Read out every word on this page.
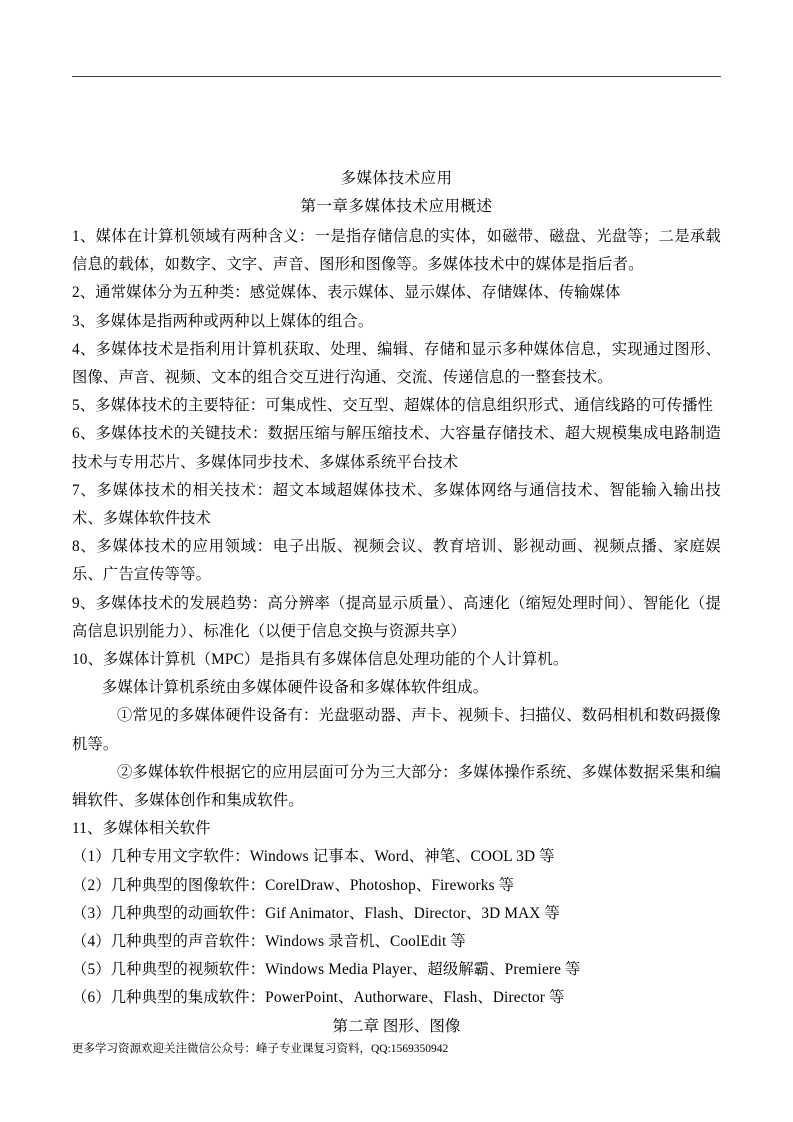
多媒体技术应用
第一章多媒体技术应用概述

1、媒体在计算机领域有两种含义：一是指存储信息的实体，如磁带、磁盘、光盘等；二是承载信息的载体，如数字、文字、声音、图形和图像等。多媒体技术中的媒体是指后者。

2、通常媒体分为五种类：感觉媒体、表示媒体、显示媒体、存储媒体、传输媒体

3、多媒体是指两种或两种以上媒体的组合。

4、多媒体技术是指利用计算机获取、处理、编辑、存储和显示多种媒体信息，实现通过图形、图像、声音、视频、文本的组合交互进行沟通、交流、传递信息的一整套技术。

5、多媒体技术的主要特征：可集成性、交互型、超媒体的信息组织形式、通信线路的可传播性

6、多媒体技术的关键技术：数据压缩与解压缩技术、大容量存储技术、超大规模集成电路制造技术与专用芯片、多媒体同步技术、多媒体系统平台技术

7、多媒体技术的相关技术：超文本域超媒体技术、多媒体网络与通信技术、智能输入输出技术、多媒体软件技术

8、多媒体技术的应用领域：电子出版、视频会议、教育培训、影视动画、视频点播、家庭娱乐、广告宣传等等。

9、多媒体技术的发展趋势：高分辨率（提高显示质量）、高速化（缩短处理时间）、智能化（提高信息识别能力）、标准化（以便于信息交换与资源共享）

10、多媒体计算机（MPC）是指具有多媒体信息处理功能的个人计算机。

多媒体计算机系统由多媒体硬件设备和多媒体软件组成。

①常见的多媒体硬件设备有：光盘驱动器、声卡、视频卡、扫描仪、数码相机和数码摄像机等。

②多媒体软件根据它的应用层面可分为三大部分：多媒体操作系统、多媒体数据采集和编辑软件、多媒体创作和集成软件。

11、多媒体相关软件

（1）几种专用文字软件：Windows 记事本、Word、神笔、COOL 3D 等

（2）几种典型的图像软件：CorelDraw、Photoshop、Fireworks 等

（3）几种典型的动画软件：Gif Animator、Flash、Director、3D MAX 等

（4）几种典型的声音软件：Windows 录音机、CoolEdit 等

（5）几种典型的视频软件：Windows Media Player、超级解霸、Premiere 等

（6）几种典型的集成软件：PowerPoint、Authorware、Flash、Director 等

第二章 图形、图像
更多学习资源欢迎关注微信公众号：峰子专业课复习资料，QQ:1569350942
